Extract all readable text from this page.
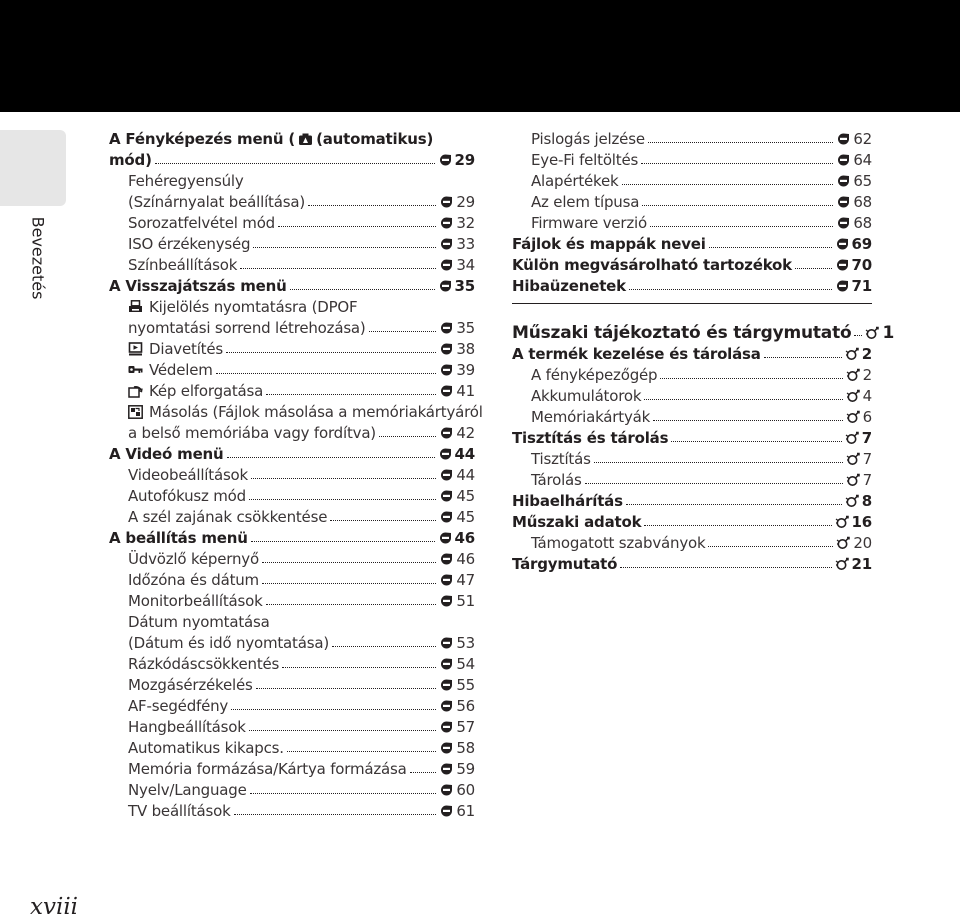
Bevezetés
A Fényképezés menü ( (automatikus)
mód)	29
Fehéregyensúly
(Színárnyalat beállítása)	29
Sorozatfelvétel mód	32
ISO érzékenység	33
Színbeállítások	34
A Visszajátszás menü	35
Kijelölés nyomtatásra (DPOF
nyomtatási sorrend létrehozása)	35
Diavetítés	38
Védelem	39
Kép elforgatása	41
Másolás (Fájlok másolása a memóriakártyáról
a belső memóriába vagy fordítva)	42
A Videó menü	44
Videobeállítások	44
Autofókusz mód	45
A szél zajának csökkentése	45
A beállítás menü	46
Üdvözlő képernyő	46
Időzóna és dátum	47
Monitorbeállítások	51
Dátum nyomtatása
(Dátum és idő nyomtatása)	53
Rázkódáscsökkentés	54
Mozgásérzékelés	55
AF-segédfény	56
Hangbeállítások	57
Automatikus kikapcs.	58
Memória formázása/Kártya formázása	59
Nyelv/Language	60
TV beállítások	61
Pislogás jelzése	62
Eye-Fi feltöltés	64
Alapértékek	65
Az elem típusa	68
Firmware verzió	68
Fájlok és mappák nevei	69
Külön megvásárolható tartozékok	70
Hibaüzenetek	71
Műszaki tájékoztató és tárgymutató 1
A termék kezelése és tárolása	2
A fényképezőgép	2
Akkumulátorok	4
Memóriakártyák	6
Tisztítás és tárolás	7
Tisztítás	7
Tárolás	7
Hibaelhárítás	8
Műszaki adatok	16
Támogatott szabványok	20
Tárgymutató	21
xviii
